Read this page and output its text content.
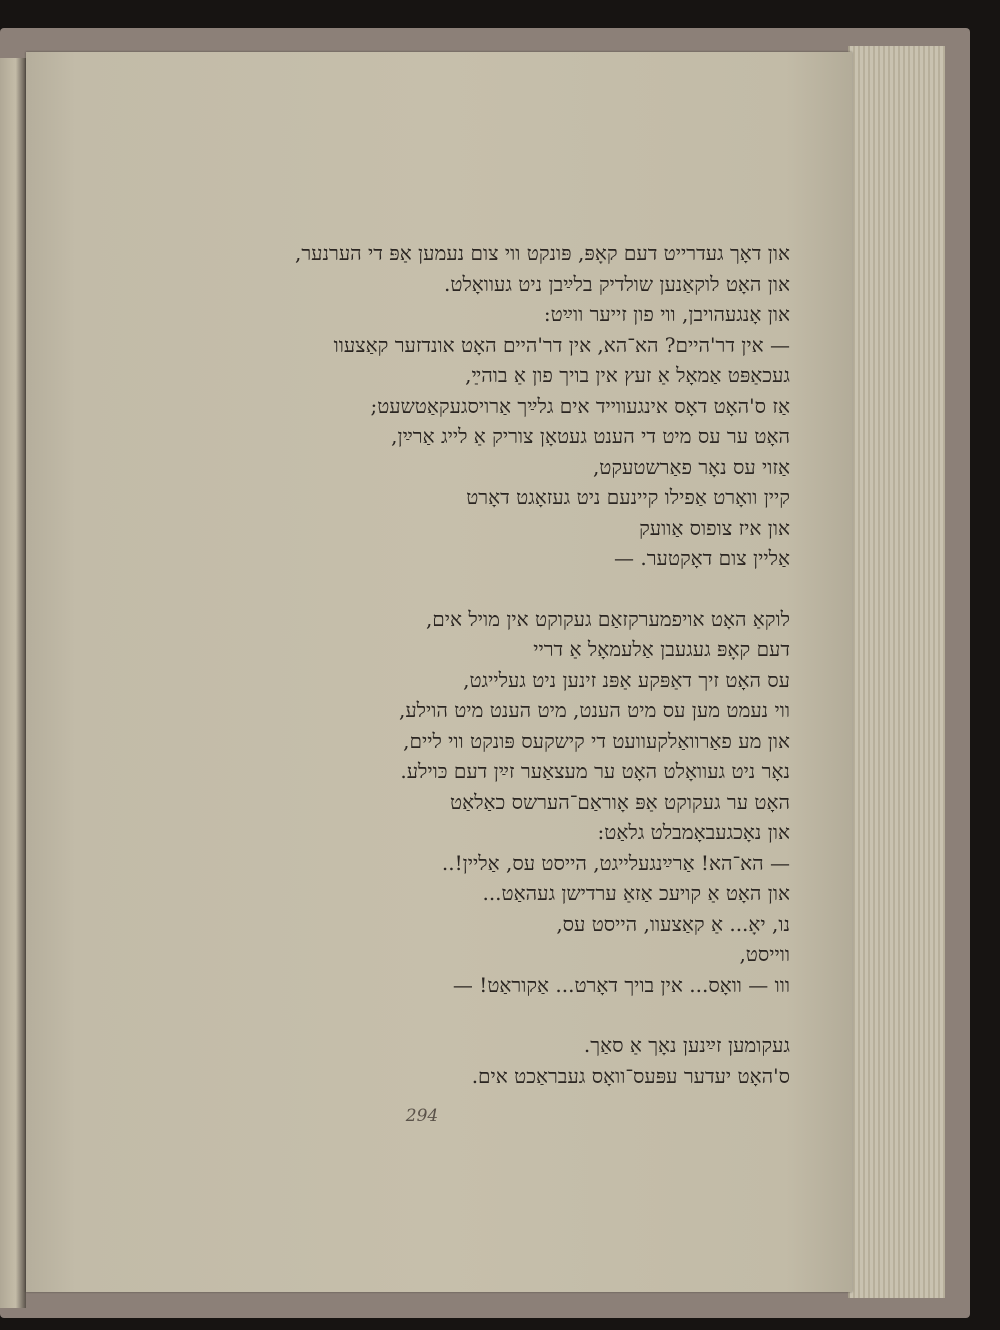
און דאָך געדרייט דעם קאָפּ, פּונקט ווי צום נעמען אַפּ די הערנער,
און האָט לוקאַנען שולדיק בלײַבן ניט געוואָלט.
און אָנגעהויבן, ווי פון זייער ווײַט:
— אין דר'היים? הא־הא, אין דר'היים האָט אונדזער קאַצעוו
געכאַפּט אַמאָל אַ זעץ אין בויך פון אַ בוהײַ,
אַז ס'האָט דאָס אינגעווייד אים גלײַך אַרויסגעקאַטשעט;
האָט ער עס מיט די הענט געטאָן צוריק אַ לייג אַרײַן,
אַזוי עס נאָר פאַרשטעקט,
קיין וואָרט אַפילו קיינעם ניט געזאָגט דאָרט
און איז צופוס אַוועק
אַליין צום דאָקטער. —
לוקאַ האָט אויפמערקזאַם געקוקט אין מויל אים,
דעם קאָפּ געגעבן אַלעמאָל אַ דריי
עס האָט זיך דאַפּקע אַפּנ זינען ניט געלייגט,
ווי נעמט מען עס מיט הענט, מיט הענט מיט הוילע,
און מע פאַרוואַלקעוועט די קישקעס פּונקט ווי ליים,
נאָר ניט געוואָלט האָט ער מעצאַער זײַן דעם כּוילע.
האָט ער געקוקט אַפּ אָוראַם־הערשס כאַלאַט
און נאָכגעבאָמבלט גלאַט:
— הא־הא! אַרײַנגעלייגט, הייסט עס, אַליין!..
און האָט אַ קויעכ אַזאַ ערדישן געהאַט...
נו, יאָ... אַ קאַצעוו, הייסט עס,
ווייסט,
ווו — וואָס... אין בויך דאָרט... אַקוראַט! —
געקומען זײַנען נאָך אַ סאַך.
ס'האָט יעדער עפּעס־וואָס געבראַכט אים.
294
